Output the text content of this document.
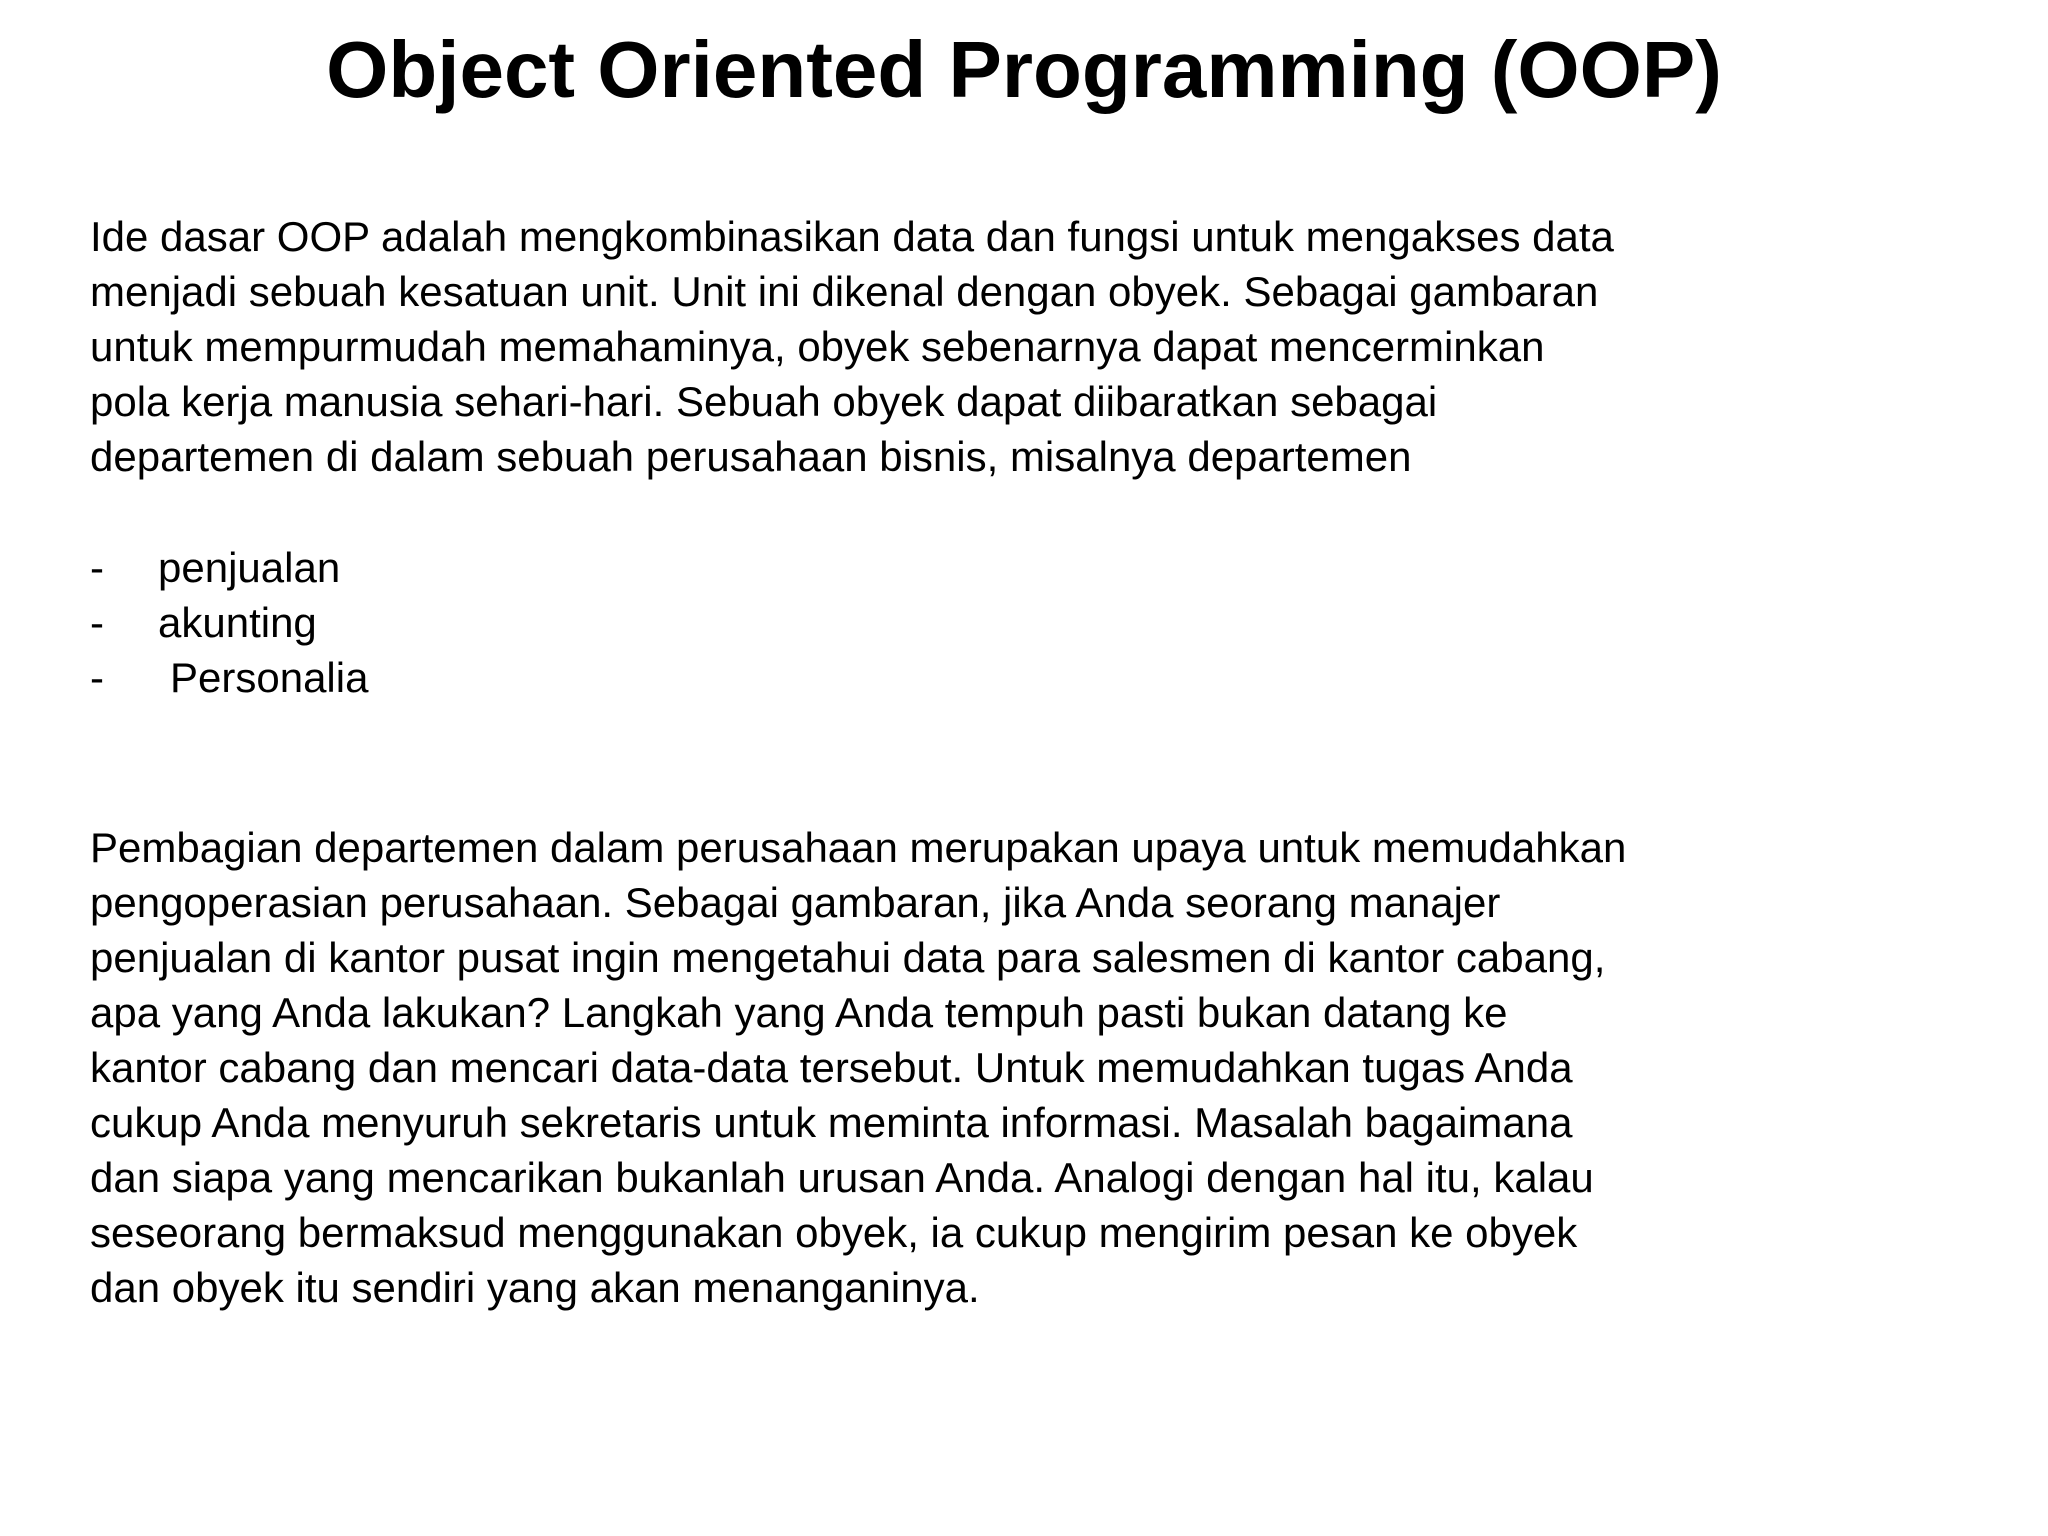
Object Oriented Programming (OOP)

Ide dasar OOP adalah mengkombinasikan data dan fungsi untuk mengakses data
menjadi sebuah kesatuan unit. Unit ini dikenal dengan obyek. Sebagai gambaran
untuk mempurmudah memahaminya, obyek sebenarnya dapat mencerminkan
pola kerja manusia sehari-hari. Sebuah obyek dapat diibaratkan sebagai
departemen di dalam sebuah perusahaan bisnis, misalnya departemen

-	penjualan
-	akunting
-	Personalia

Pembagian departemen dalam perusahaan merupakan upaya untuk memudahkan
pengoperasian perusahaan. Sebagai gambaran, jika Anda seorang manajer
penjualan di kantor pusat ingin mengetahui data para salesmen di kantor cabang,
apa yang Anda lakukan? Langkah yang Anda tempuh pasti bukan datang ke
kantor cabang dan mencari data-data tersebut. Untuk memudahkan tugas Anda
cukup Anda menyuruh sekretaris untuk meminta informasi. Masalah bagaimana
dan siapa yang mencarikan bukanlah urusan Anda. Analogi dengan hal itu, kalau
seseorang bermaksud menggunakan obyek, ia cukup mengirim pesan ke obyek
dan obyek itu sendiri yang akan menanganinya.
